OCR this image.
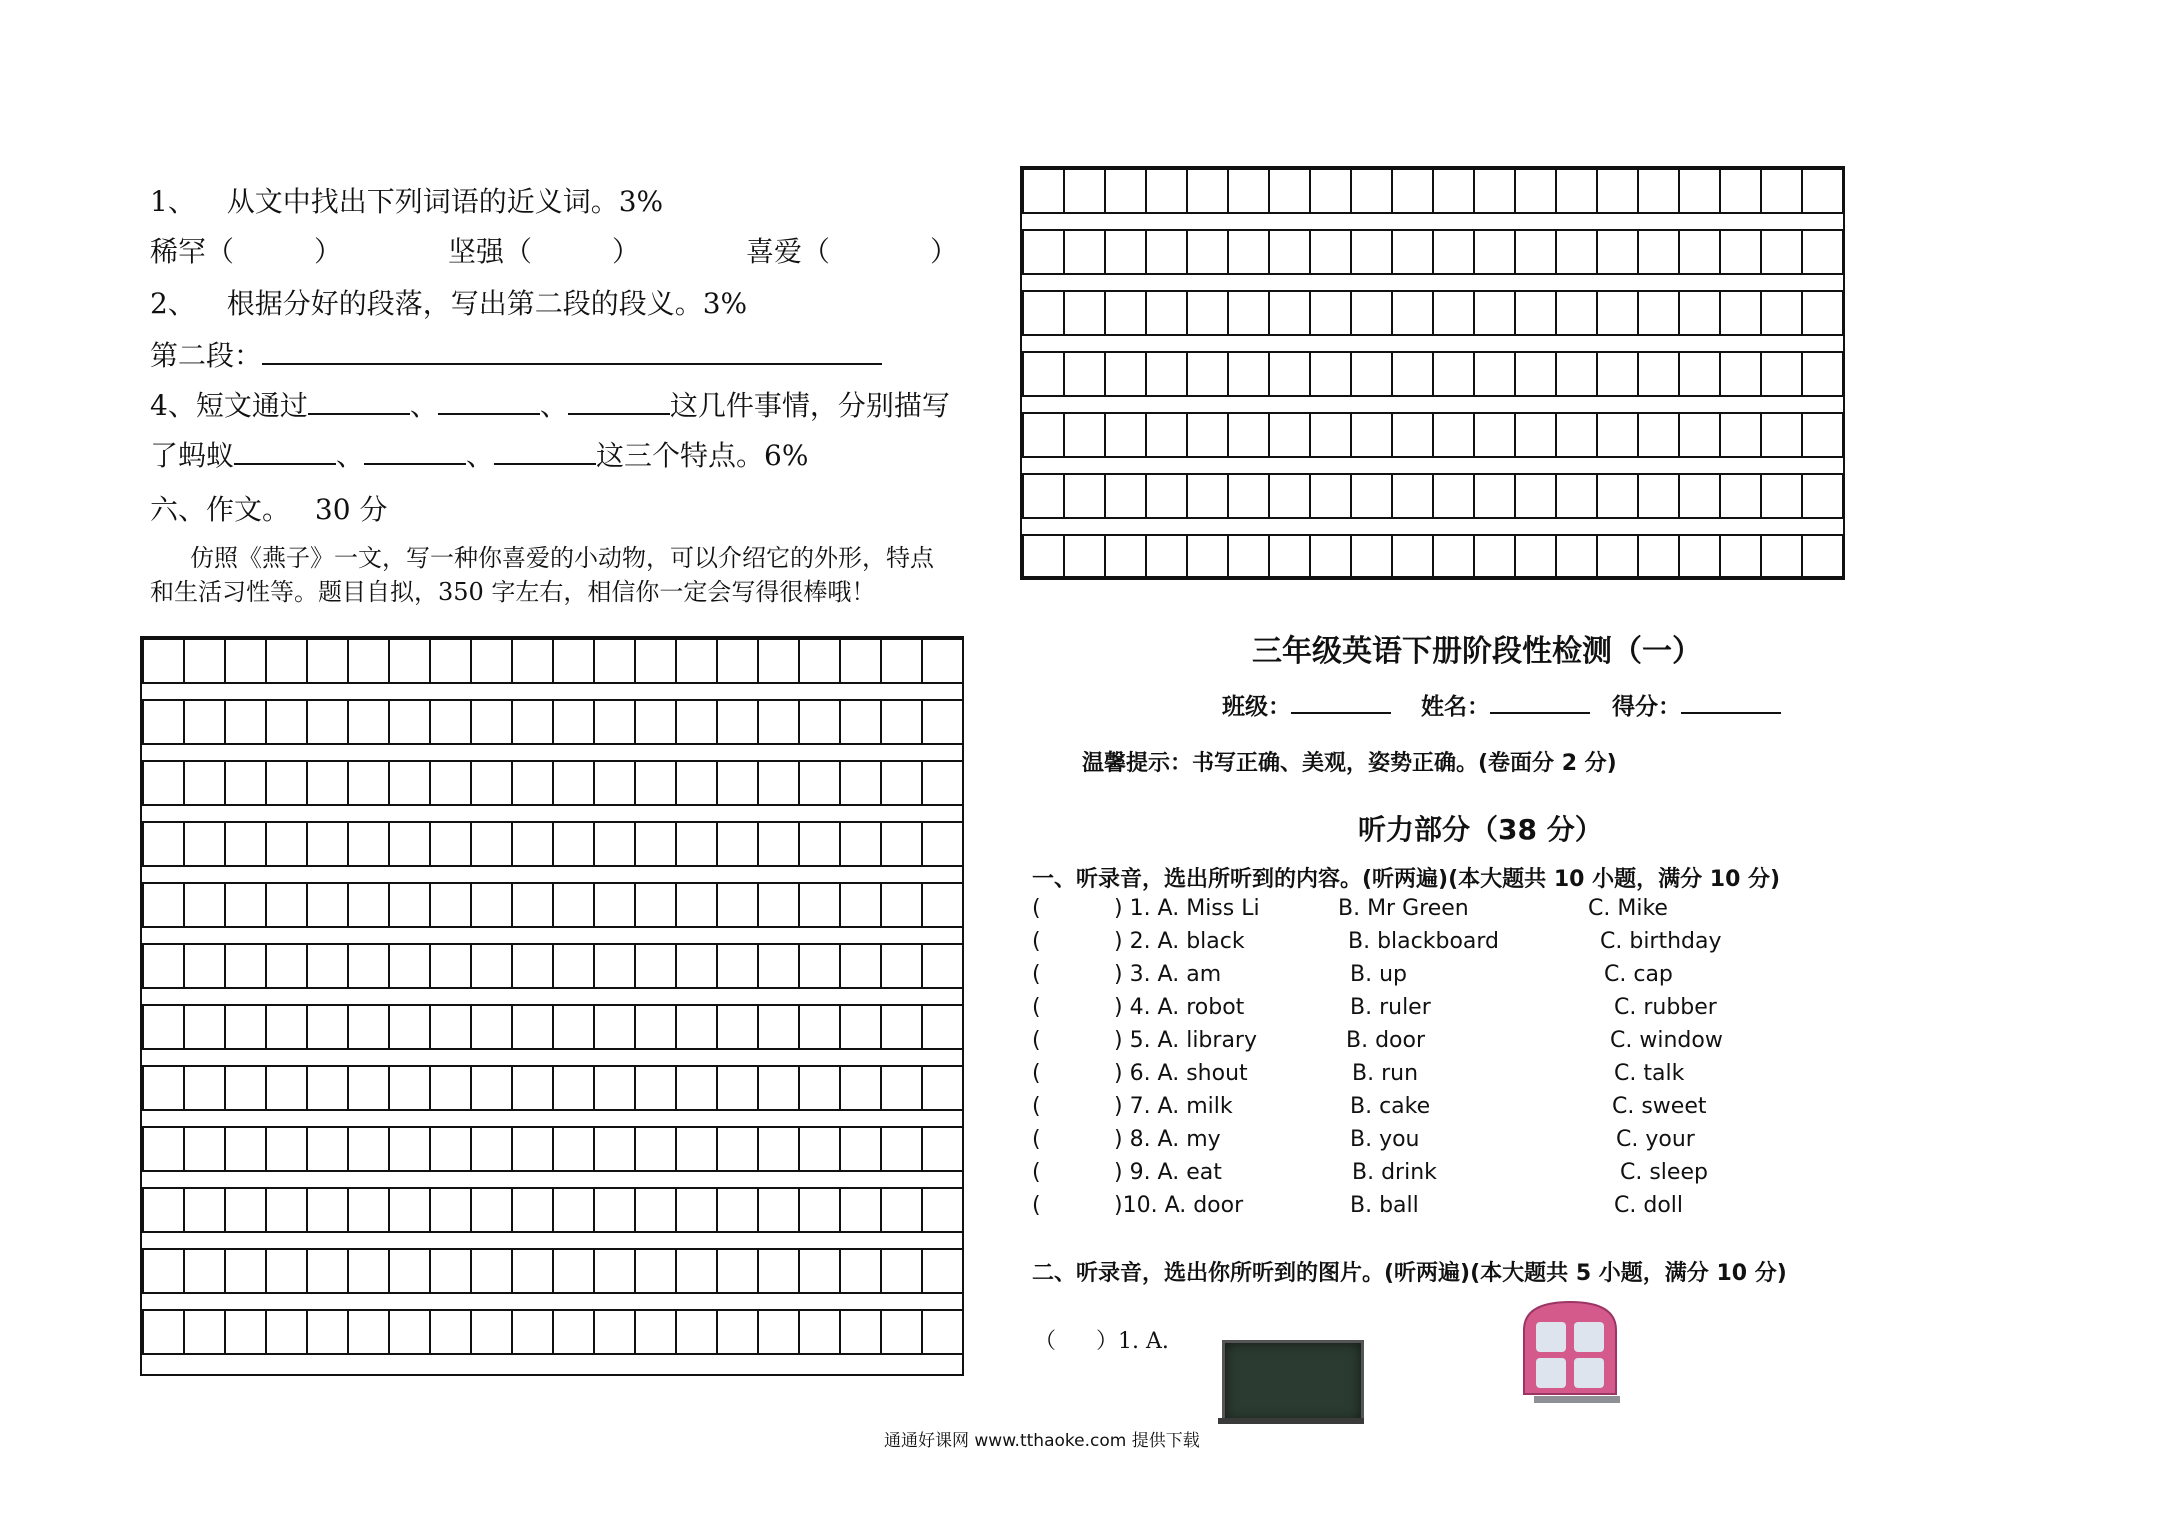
1、 从文中找出下列词语的近义词。3%
稀罕（	）	坚强（	）	喜爱（	）
2、 根据分好的段落，写出第二段的段义。3%
第二段：
4、短文通过	、	、	这几件事情，分别描写
了蚂蚁	、	、	这三个特点。6%
六、作文。 30 分
仿照《燕子》一文，写一种你喜爱的小动物，可以介绍它的外形，特点
和生活习性等。题目自拟，350 字左右，相信你一定会写得很棒哦！
三年级英语下册阶段性检测（一）
班级：	姓名：	得分：
温馨提示：书写正确、美观，姿势正确。(卷面分 2 分)
听力部分（38 分）
一、听录音，选出所听到的内容。(听两遍)(本大题共 10 小题，满分 10 分)
(	) 1. A. Miss Li	B. Mr Green	C. Mike
(	) 2. A. black	B. blackboard	C. birthday
(	) 3. A. am	B. up	C. cap
(	) 4. A. robot	B. ruler	C. rubber
(	) 5. A. library	B. door	C. window
(	) 6. A. shout	B. run	C. talk
(	) 7. A. milk	B. cake	C. sweet
(	) 8. A. my	B. you	C. your
(	) 9. A. eat	B. drink	C. sleep
(	)10. A. door	B. ball	C. doll
二、听录音，选出你所听到的图片。(听两遍)(本大题共 5 小题，满分 10 分)
（ ）1. A.
通通好课网 www.tthaoke.com 提供下载
